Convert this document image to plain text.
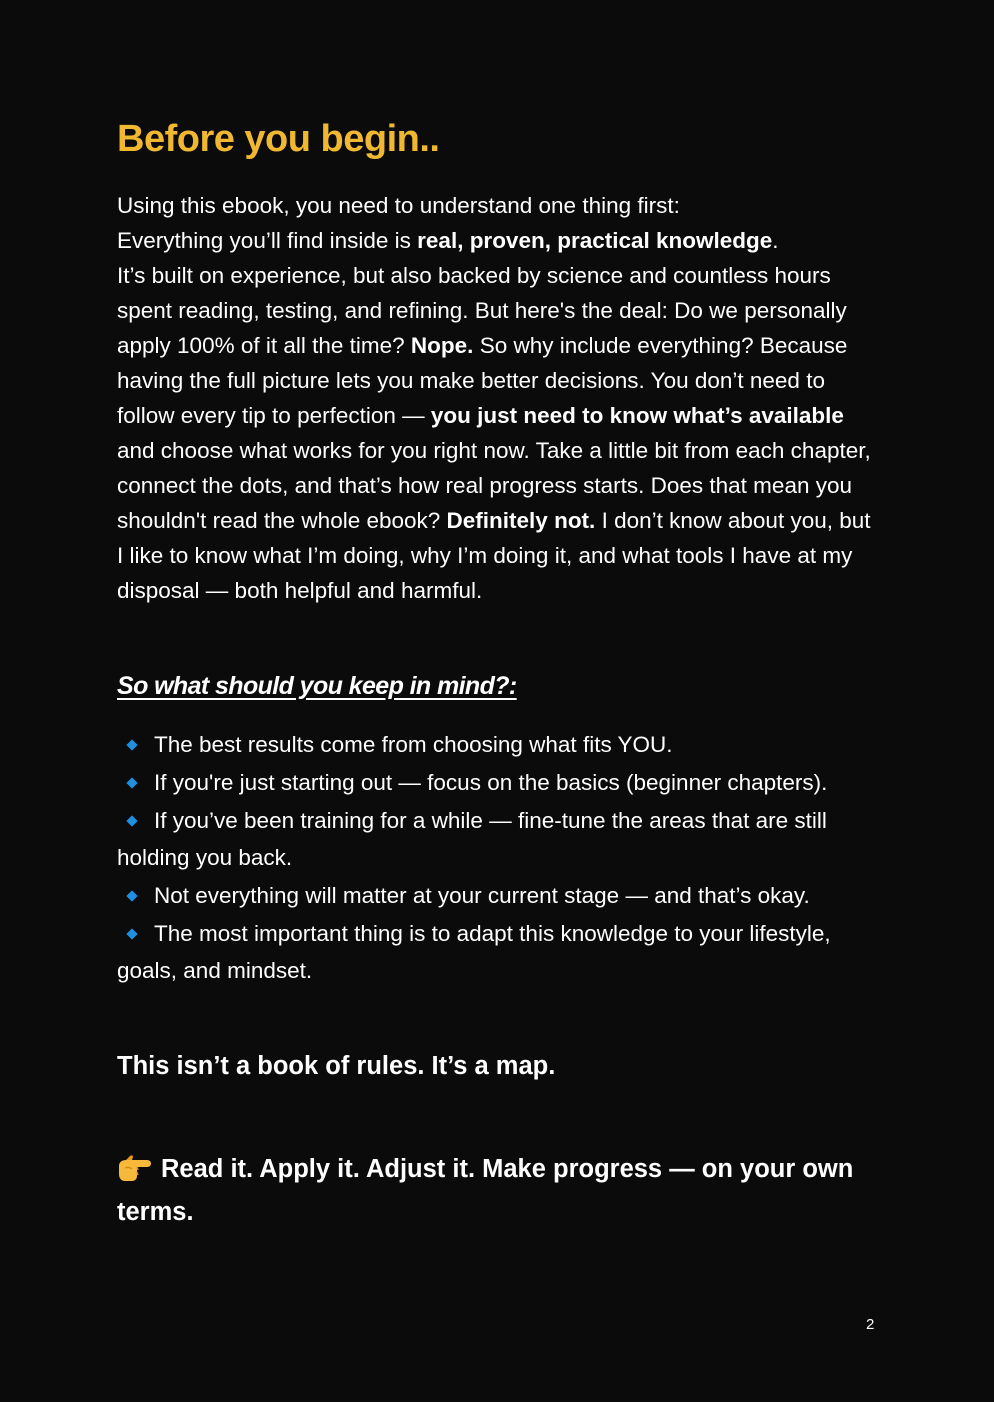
Before you begin..

Using this ebook, you need to understand one thing first:
Everything you’ll find inside is real, proven, practical knowledge.
It’s built on experience, but also backed by science and countless hours spent reading, testing, and refining. But here's the deal: Do we personally apply 100% of it all the time? Nope. So why include everything? Because having the full picture lets you make better decisions. You don’t need to follow every tip to perfection — you just need to know what’s available and choose what works for you right now. Take a little bit from each chapter, connect the dots, and that’s how real progress starts. Does that mean you shouldn't read the whole ebook? Definitely not. I don’t know about you, but I like to know what I’m doing, why I’m doing it, and what tools I have at my disposal — both helpful and harmful.

So what should you keep in mind?:
The best results come from choosing what fits YOU.
If you're just starting out — focus on the basics (beginner chapters).
If you’ve been training for a while — fine-tune the areas that are still holding you back.
Not everything will matter at your current stage — and that’s okay.
The most important thing is to adapt this knowledge to your lifestyle, goals, and mindset.

This isn’t a book of rules. It’s a map.

Read it. Apply it. Adjust it. Make progress — on your own terms.

2
